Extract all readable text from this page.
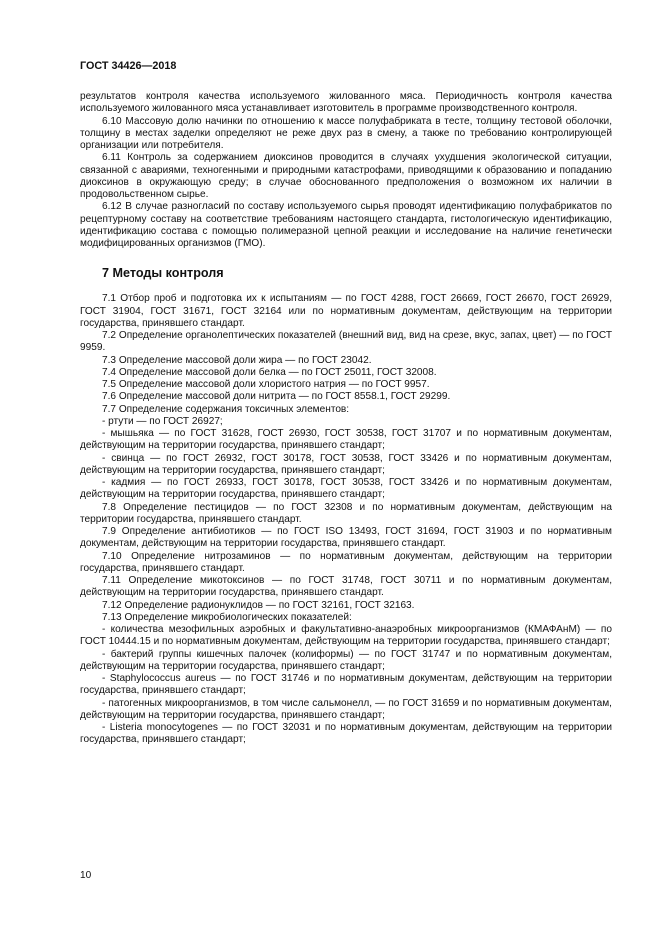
ГОСТ 34426—2018

результатов контроля качества используемого жилованного мяса. Периодичность контроля качества используемого жилованного мяса устанавливает изготовитель в программе производственного контроля.

6.10 Массовую долю начинки по отношению к массе полуфабриката в тесте, толщину тестовой оболочки, толщину в местах заделки определяют не реже двух раз в смену, а также по требованию контролирующей организации или потребителя.

6.11 Контроль за содержанием диоксинов проводится в случаях ухудшения экологической ситуации, связанной с авариями, техногенными и природными катастрофами, приводящими к образованию и попаданию диоксинов в окружающую среду; в случае обоснованного предположения о возможном их наличии в продовольственном сырье.

6.12 В случае разногласий по составу используемого сырья проводят идентификацию полуфабрикатов по рецептурному составу на соответствие требованиям настоящего стандарта, гистологическую идентификацию, идентификацию состава с помощью полимеразной цепной реакции и исследование на наличие генетически модифицированных организмов (ГМО).

7 Методы контроля

7.1 Отбор проб и подготовка их к испытаниям — по ГОСТ 4288, ГОСТ 26669, ГОСТ 26670, ГОСТ 26929, ГОСТ 31904, ГОСТ 31671, ГОСТ 32164 или по нормативным документам, действующим на территории государства, принявшего стандарт.

7.2 Определение органолептических показателей (внешний вид, вид на срезе, вкус, запах, цвет) — по ГОСТ 9959.

7.3 Определение массовой доли жира — по ГОСТ 23042.

7.4 Определение массовой доли белка — по ГОСТ 25011, ГОСТ 32008.

7.5 Определение массовой доли хлористого натрия — по ГОСТ 9957.

7.6 Определение массовой доли нитрита — по ГОСТ 8558.1, ГОСТ 29299.

7.7 Определение содержания токсичных элементов:

- ртути — по ГОСТ 26927;

- мышьяка — по ГОСТ 31628, ГОСТ 26930, ГОСТ 30538, ГОСТ 31707 и по нормативным документам, действующим на территории государства, принявшего стандарт;

- свинца — по ГОСТ 26932, ГОСТ 30178, ГОСТ 30538, ГОСТ 33426 и по нормативным документам, действующим на территории государства, принявшего стандарт;

- кадмия — по ГОСТ 26933, ГОСТ 30178, ГОСТ 30538, ГОСТ 33426 и по нормативным документам, действующим на территории государства, принявшего стандарт;

7.8 Определение пестицидов — по ГОСТ 32308 и по нормативным документам, действующим на территории государства, принявшего стандарт.

7.9 Определение антибиотиков — по ГОСТ ISO 13493, ГОСТ 31694, ГОСТ 31903 и по нормативным документам, действующим на территории государства, принявшего стандарт.

7.10 Определение нитрозаминов — по нормативным документам, действующим на территории государства, принявшего стандарт.

7.11 Определение микотоксинов — по ГОСТ 31748, ГОСТ 30711 и по нормативным документам, действующим на территории государства, принявшего стандарт.

7.12 Определение радионуклидов — по ГОСТ 32161, ГОСТ 32163.

7.13 Определение микробиологических показателей:

- количества мезофильных аэробных и факультативно-анаэробных микроорганизмов (КМАФАнМ) — по ГОСТ 10444.15 и по нормативным документам, действующим на территории государства, принявшего стандарт;

- бактерий группы кишечных палочек (колиформы) — по ГОСТ 31747 и по нормативным документам, действующим на территории государства, принявшего стандарт;

- Staphylococcus aureus — по ГОСТ 31746 и по нормативным документам, действующим на территории государства, принявшего стандарт;

- патогенных микроорганизмов, в том числе сальмонелл, — по ГОСТ 31659 и по нормативным документам, действующим на территории государства, принявшего стандарт;

- Listeria monocytogenes — по ГОСТ 32031 и по нормативным документам, действующим на территории государства, принявшего стандарт;

10
